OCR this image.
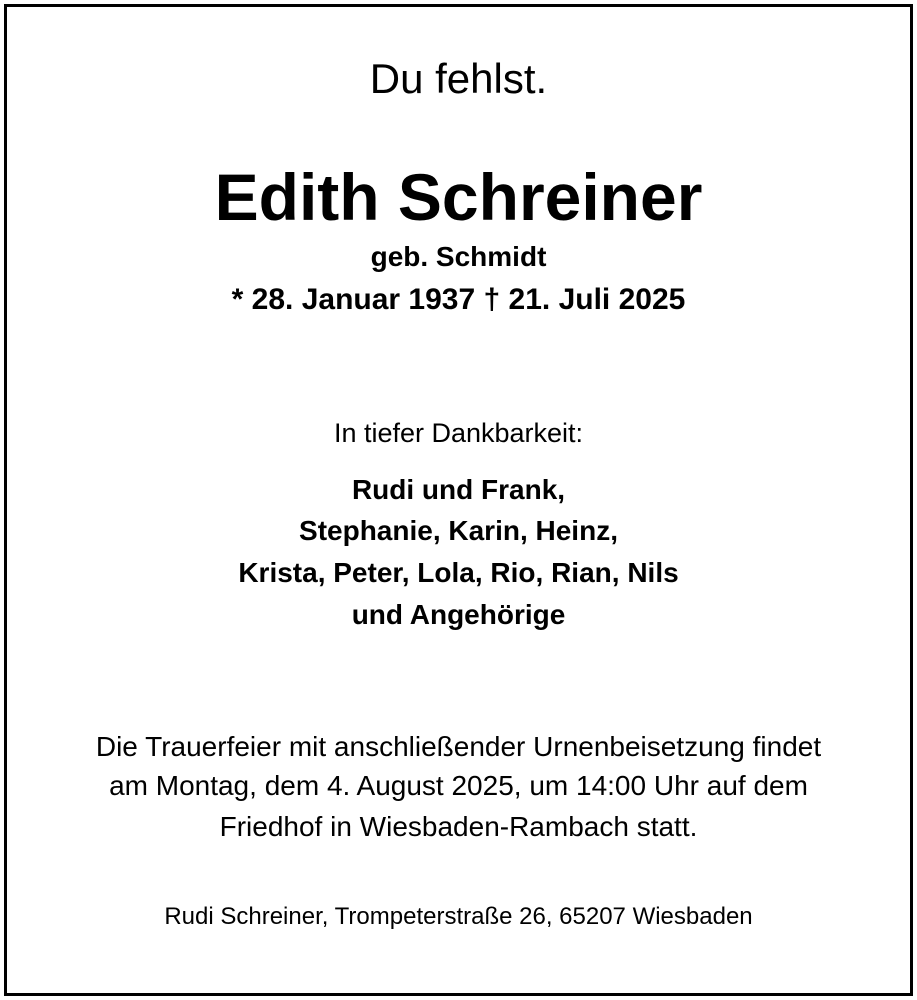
Du fehlst.
Edith Schreiner
geb. Schmidt
* 28. Januar 1937 † 21. Juli 2025
In tiefer Dankbarkeit:
Rudi und Frank,
Stephanie, Karin, Heinz,
Krista, Peter, Lola, Rio, Rian, Nils
und Angehörige
Die Trauerfeier mit anschließender Urnenbeisetzung findet
am Montag, dem 4. August 2025, um 14:00 Uhr auf dem
Friedhof in Wiesbaden-Rambach statt.
Rudi Schreiner, Trompeterstraße 26, 65207 Wiesbaden
